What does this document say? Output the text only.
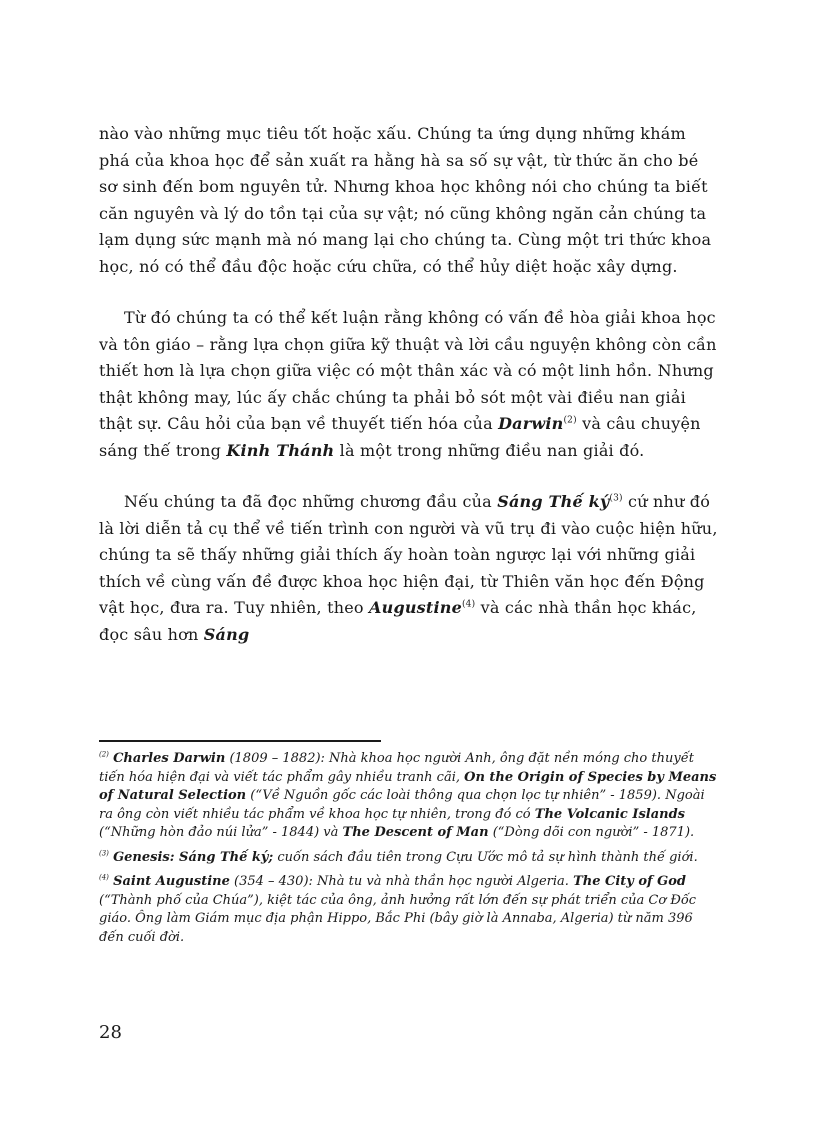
nào vào những mục tiêu tốt hoặc xấu. Chúng ta ứng dụng những khám phá của khoa học để sản xuất ra hằng hà sa số sự vật, từ thức ăn cho bé sơ sinh đến bom nguyên tử. Nhưng khoa học không nói cho chúng ta biết căn nguyên và lý do tồn tại của sự vật; nó cũng không ngăn cản chúng ta lạm dụng sức mạnh mà nó mang lại cho chúng ta. Cùng một tri thức khoa học, nó có thể đầu độc hoặc cứu chữa, có thể hủy diệt hoặc xây dựng.

Từ đó chúng ta có thể kết luận rằng không có vấn đề hòa giải khoa học và tôn giáo – rằng lựa chọn giữa kỹ thuật và lời cầu nguyện không còn cần thiết hơn là lựa chọn giữa việc có một thân xác và có một linh hồn. Nhưng thật không may, lúc ấy chắc chúng ta phải bỏ sót một vài điều nan giải thật sự. Câu hỏi của bạn về thuyết tiến hóa của Darwin$^{(2)}$ và câu chuyện sáng thế trong Kinh Thánh là một trong những điều nan giải đó.

Nếu chúng ta đã đọc những chương đầu của Sáng Thế $ký^{(3)}$ cứ như đó là lời diễn tả cụ thể về tiến trình con người và vũ trụ đi vào cuộc hiện hữu, chúng ta sẽ thấy những giải thích ấy hoàn toàn ngược lại với những giải thích về cùng vấn đề được khoa học hiện đại, từ Thiên văn học đến Động vật học, đưa ra. Tuy nhiên, theo Augustine$^{(4)}$ và các nhà thần học khác, đọc sâu hơn Sáng

$^{(2)}$ Charles Darwin (1809 – 1882): Nhà khoa học người Anh, ông đặt nền móng cho thuyết tiến hóa hiện đại và viết tác phẩm gây nhiều tranh cãi, On the Origin of Species by Means of Natural Selection (“Về Nguồn gốc các loài thông qua chọn lọc tự nhiên” - 1859). Ngoài ra ông còn viết nhiều tác phẩm về khoa học tự nhiên, trong đó có The Volcanic Islands (“Những hòn đảo núi lửa” - 1844) và The Descent of Man (“Dòng dõi con người” - 1871).

$^{(3)}$ Genesis: Sáng Thế ký; cuốn sách đầu tiên trong Cựu Ước mô tả sự hình thành thế giới.

$^{(4)}$ Saint Augustine (354 – 430): Nhà tu và nhà thần học người Algeria. The City of God (“Thành phố của Chúa”), kiệt tác của ông, ảnh hưởng rất lớn đến sự phát triển của Cơ Đốc giáo. Ông làm Giám mục địa phận Hippo, Bắc Phi (bây giờ là Annaba, Algeria) từ năm 396 đến cuối đời.

28
